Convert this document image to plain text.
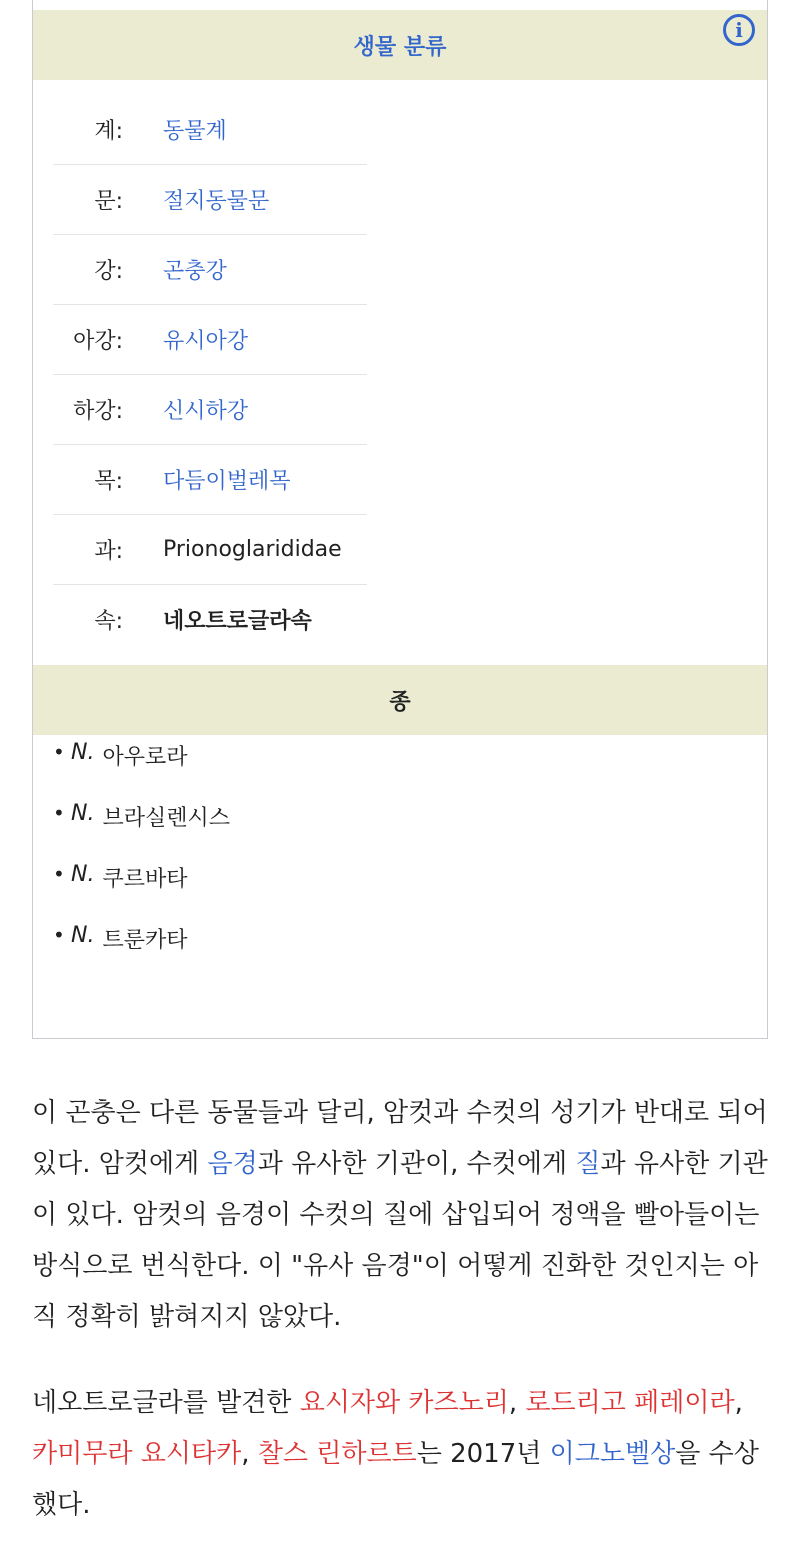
생물 분류
i
계:	동물계
문:	절지동물문
강:	곤충강
아강:	유시아강
하강:	신시하강
목:	다듬이벌레목
과:	Prionoglarididae
속:	네오트로글라속
종
• N. 아우로라
• N. 브라실렌시스
• N. 쿠르바타
• N. 트룬카타

이 곤충은 다른 동물들과 달리, 암컷과 수컷의 성기가 반대로 되어 있다. 암컷에게 음경과 유사한 기관이, 수컷에게 질과 유사한 기관이 있다. 암컷의 음경이 수컷의 질에 삽입되어 정액을 빨아들이는 방식으로 번식한다. 이 "유사 음경"이 어떻게 진화한 것인지는 아직 정확히 밝혀지지 않았다.

네오트로글라를 발견한 요시자와 카즈노리, 로드리고 페레이라, 카미무라 요시타카, 찰스 린하르트는 2017년 이그노벨상을 수상했다.
